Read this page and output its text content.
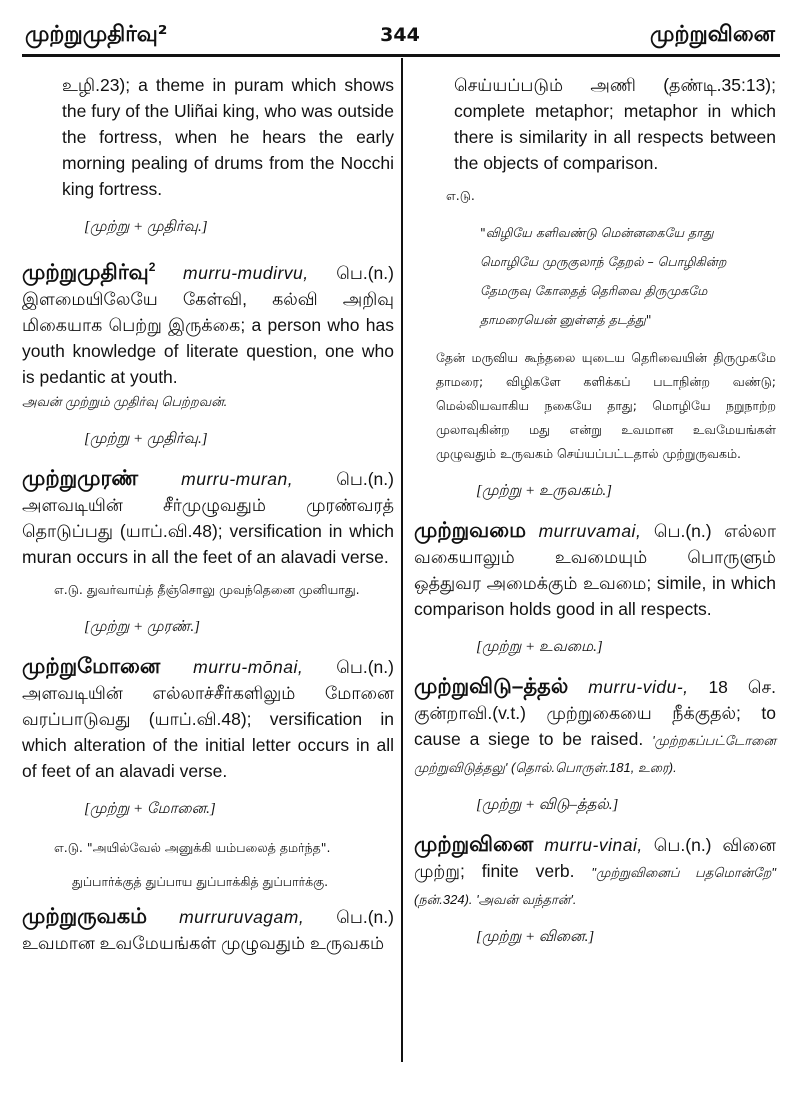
முற்றுமுதிர்வு²	344	முற்றுவினை

உழி.23); a theme in puram which shows the fury of the Uliñai king, who was outside the fortress, when he hears the early morning pealing of drums from the Nocchi king fortress.

[முற்று + முதிர்வு.]
முற்றுமுதிர்வு$^2$ murru-mudirvu, பெ.(n.) இளமையிலேயே கேள்வி, கல்வி அறிவு மிகையாக பெற்று இருக்கை; a person who has youth knowledge of literate question, one who is pedantic at youth.
அவன் முற்றும் முதிர்வு பெற்றவன்.
[முற்று + முதிர்வு.]
முற்றுமுரண் murru-muran, பெ.(n.) அளவடியின் சீர்முழுவதும் முரண்வரத் தொடுப்பது (யாப்.வி.48); versification in which muran occurs in all the feet of an alavadi verse.
எ.டு. துவர்வாய்த் தீஞ்சொலு முவந்தெனை முனியாது.
[முற்று + முரண்.]
முற்றுமோனை murru-mōnai, பெ.(n.) அளவடியின் எல்லாச்சீர்களிலும் மோனை வரப்பாடுவது (யாப்.வி.48); versification in which alteration of the initial letter occurs in all of feet of an alavadi verse.
[முற்று + மோனை.]
எ.டு. "அயில்வேல் அனுக்கி யம்பலைத் தமர்ந்த".
துப்பார்க்குத் துப்பாய துப்பாக்கித் துப்பார்க்கு.
முற்றுருவகம் murruruvagam, பெ.(n.) உவமான உவமேயங்கள் முழுவதும் உருவகம்

செய்யப்படும் அணி (தண்டி.35:13); complete metaphor; metaphor in which there is similarity in all respects between the objects of comparison.

எ.டு.
"விழியே களிவண்டு மென்னகையே தாது
மொழியே முருகுலாந் தேறல் – பொழிகின்ற
தேமருவு கோதைத் தெரிவை திருமுகமே
தாமரையென் னுள்ளத் தடத்து"
தேன் மருவிய கூந்தலை யுடைய தெரிவையின் திருமுகமே தாமரை; விழிகளே களிக்கப் படாநின்ற வண்டு; மெல்லியவாகிய நகையே தாது; மொழியே நறுநாற்ற முலாவுகின்ற மது என்று உவமான உவமேயங்கள் முழுவதும் உருவகம் செய்யப்பட்டதால் முற்றுருவகம்.
[முற்று + உருவகம்.]
முற்றுவமை murruvamai, பெ.(n.) எல்லா வகையாலும் உவமையும் பொருளும் ஒத்துவர அமைக்கும் உவமை; simile, in which comparison holds good in all respects.
[முற்று + உவமை.]
முற்றுவிடு–த்தல் murru-vidu-, 18 செ. குன்றாவி.(v.t.) முற்றுகையை நீக்குதல்; to cause a siege to be raised. 'முற்றகப்பட்டோனை முற்றுவிடுத்தலு' (தொல்.பொருள்.181, உரை).
[முற்று + விடு–த்தல்.]
முற்றுவினை murru-vinai, பெ.(n.) வினை முற்று; finite verb. "முற்றுவினைப் பதமொன்றே" (நன்.324). 'அவன் வந்தான்'.
[முற்று + வினை.]
